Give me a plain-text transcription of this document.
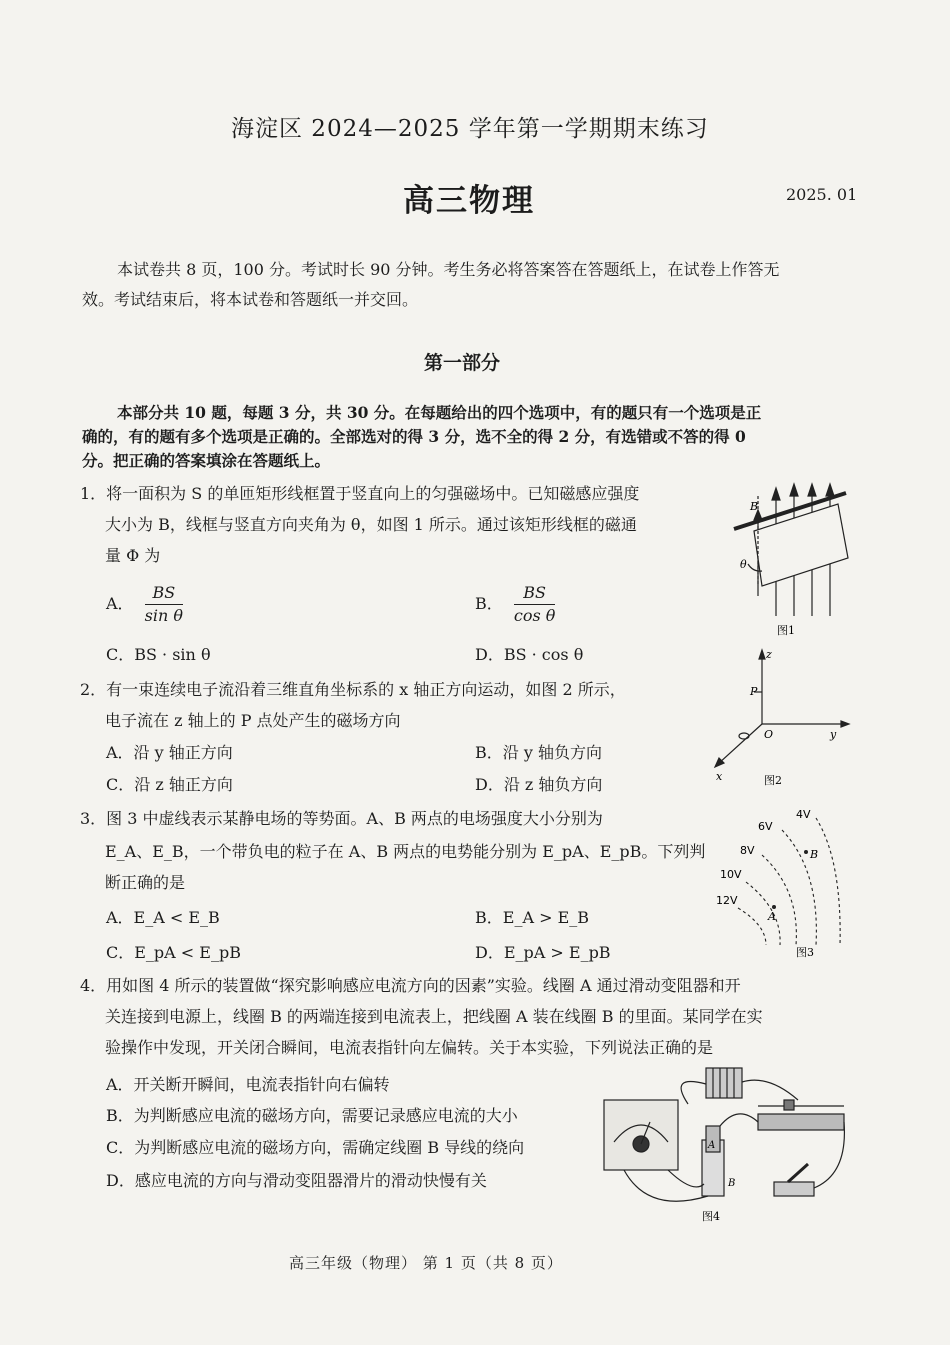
海淀区 2024—2025 学年第一学期期末练习
高三物理	2025. 01
本试卷共 8 页，100 分。考试时长 90 分钟。考生务必将答案答在答题纸上，在试卷上作答无
效。考试结束后，将本试卷和答题纸一并交回。
第一部分
本部分共 10 题，每题 3 分，共 30 分。在每题给出的四个选项中，有的题只有一个选项是正
确的，有的题有多个选项是正确的。全部选对的得 3 分，选不全的得 2 分，有选错或不答的得 0
分。把正确的答案填涂在答题纸上。
1．将一面积为 S 的单匝矩形线框置于竖直向上的匀强磁场中。已知磁感应强度
大小为 B，线框与竖直方向夹角为 θ，如图 1 所示。通过该矩形线框的磁通
量 Φ 为
A． $\frac{BS}{\text{sin θ}}$	B． $\frac{BS}{\text{cos θ}}$
C．BS · sin θ	D．BS · cos θ
B
θ
图1
2．有一束连续电子流沿着三维直角坐标系的 x 轴正方向运动，如图 2 所示，
电子流在 z 轴上的 P 点处产生的磁场方向
A．沿 y 轴正方向	B．沿 y 轴负方向
C．沿 z 轴正方向	D．沿 z 轴负方向
z
P
O	y
x	图2
3．图 3 中虚线表示某静电场的等势面。A、B 两点的电场强度大小分别为
E_A、E_B，一个带负电的粒子在 A、B 两点的电势能分别为 E_pA、E_pB。下列判
断正确的是
A．E_A < E_B	B．E_A > E_B
C．E_pA < E_pB	D．E_pA > E_pB
4V
6V
8V
10V
12V
B
A
图3
4．用如图 4 所示的装置做“探究影响感应电流方向的因素”实验。线圈 A 通过滑动变阻器和开
关连接到电源上，线圈 B 的两端连接到电流表上，把线圈 A 装在线圈 B 的里面。某同学在实
验操作中发现，开关闭合瞬间，电流表指针向左偏转。关于本实验，下列说法正确的是
A．开关断开瞬间，电流表指针向右偏转
B．为判断感应电流的磁场方向，需要记录感应电流的大小
C．为判断感应电流的磁场方向，需确定线圈 B 导线的绕向
D．感应电流的方向与滑动变阻器滑片的滑动快慢有关
A
B
图4
高三年级（物理） 第 1 页（共 8 页）
